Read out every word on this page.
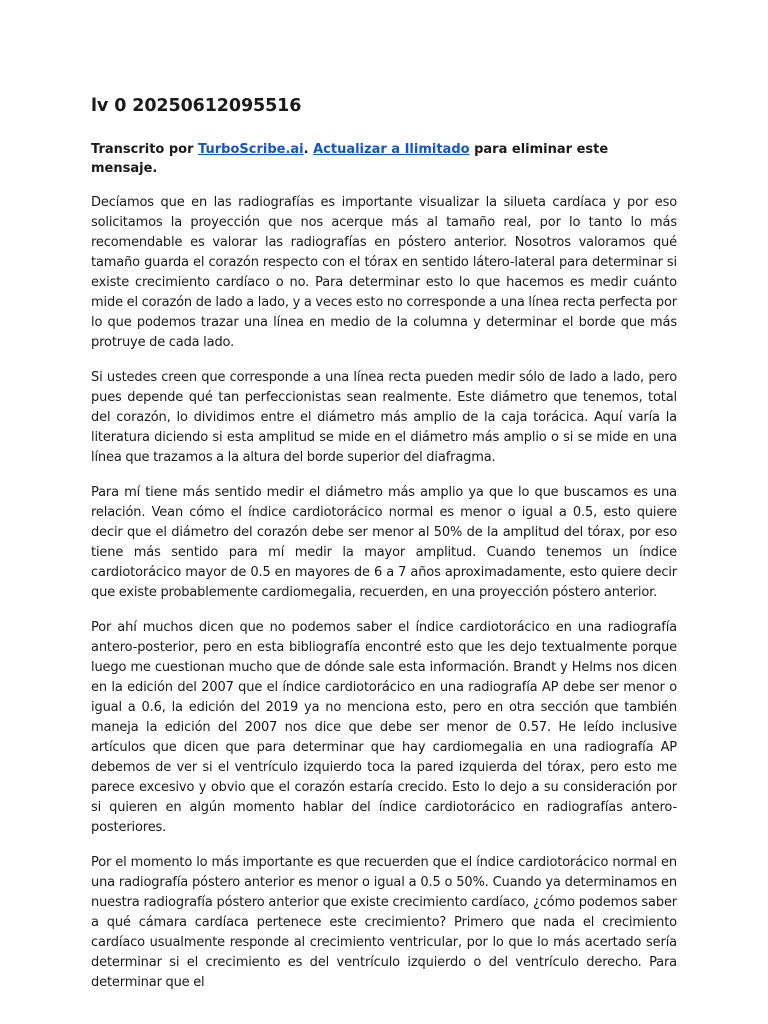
lv 0 20250612095516

Transcrito por TurboScribe.ai. Actualizar a Ilimitado para eliminar este mensaje.

Decíamos que en las radiografías es importante visualizar la silueta cardíaca y por eso solicitamos la proyección que nos acerque más al tamaño real, por lo tanto lo más recomendable es valorar las radiografías en póstero anterior. Nosotros valoramos qué tamaño guarda el corazón respecto con el tórax en sentido látero-lateral para determinar si existe crecimiento cardíaco o no. Para determinar esto lo que hacemos es medir cuánto mide el corazón de lado a lado, y a veces esto no corresponde a una línea recta perfecta por lo que podemos trazar una línea en medio de la columna y determinar el borde que más protruye de cada lado.

Si ustedes creen que corresponde a una línea recta pueden medir sólo de lado a lado, pero pues depende qué tan perfeccionistas sean realmente. Este diámetro que tenemos, total del corazón, lo dividimos entre el diámetro más amplio de la caja torácica. Aquí varía la literatura diciendo si esta amplitud se mide en el diámetro más amplio o si se mide en una línea que trazamos a la altura del borde superior del diafragma.

Para mí tiene más sentido medir el diámetro más amplio ya que lo que buscamos es una relación. Vean cómo el índice cardiotorácico normal es menor o igual a 0.5, esto quiere decir que el diámetro del corazón debe ser menor al 50% de la amplitud del tórax, por eso tiene más sentido para mí medir la mayor amplitud. Cuando tenemos un índice cardiotorácico mayor de 0.5 en mayores de 6 a 7 años aproximadamente, esto quiere decir que existe probablemente cardiomegalia, recuerden, en una proyección póstero anterior.

Por ahí muchos dicen que no podemos saber el índice cardiotorácico en una radiografía antero-posterior, pero en esta bibliografía encontré esto que les dejo textualmente porque luego me cuestionan mucho que de dónde sale esta información. Brandt y Helms nos dicen en la edición del 2007 que el índice cardiotorácico en una radiografía AP debe ser menor o igual a 0.6, la edición del 2019 ya no menciona esto, pero en otra sección que también maneja la edición del 2007 nos dice que debe ser menor de 0.57. He leído inclusive artículos que dicen que para determinar que hay cardiomegalia en una radiografía AP debemos de ver si el ventrículo izquierdo toca la pared izquierda del tórax, pero esto me parece excesivo y obvio que el corazón estaría crecido. Esto lo dejo a su consideración por si quieren en algún momento hablar del índice cardiotorácico en radiografías antero-posteriores.

Por el momento lo más importante es que recuerden que el índice cardiotorácico normal en una radiografía póstero anterior es menor o igual a 0.5 o 50%. Cuando ya determinamos en nuestra radiografía póstero anterior que existe crecimiento cardíaco, ¿cómo podemos saber a qué cámara cardíaca pertenece este crecimiento? Primero que nada el crecimiento cardíaco usualmente responde al crecimiento ventricular, por lo que lo más acertado sería determinar si el crecimiento es del ventrículo izquierdo o del ventrículo derecho. Para determinar que el
